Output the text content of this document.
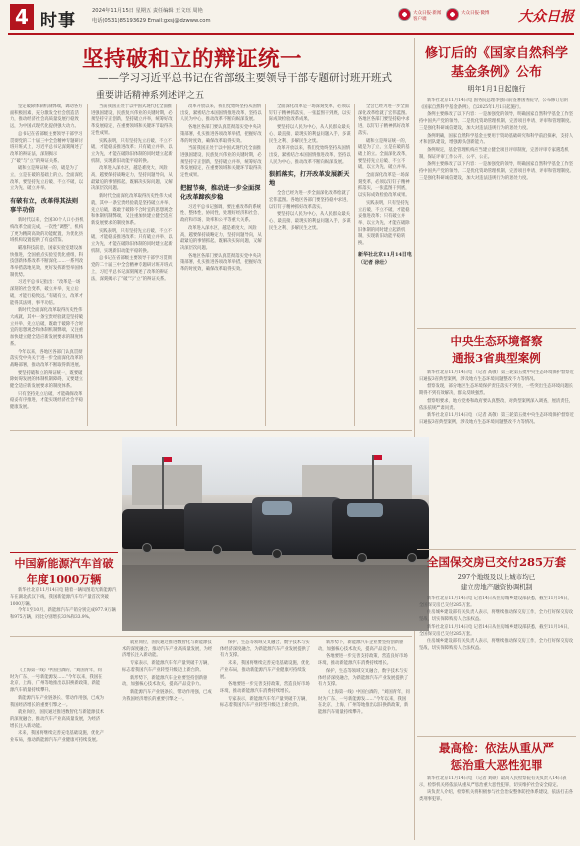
4 时事	2024年11月15日 星期五 责任编辑 王文珏 周艳
电话(0531)85193629 Email:gxsj@dzwww.com
大众日报·新闻客户端
大众日报·微博 大众日报
坚持破和立的辩证统一
——学习习近平总书记在省部级主要领导干部专题研讨班开班式
重要讲话精神系列述评之五

坚定破除体制机制弊端，调动各方面积极因素，充分激发全社会创造活力，推动经济社会高质量发展行稳致远，为中国式现代化提供强大动力。

总书记在省部级主要领导干部学习贯彻党的二十届三中全会精神专题研讨班开班式上，习近平总书记深刻阐述了改革的辩证法，深刻揭示了“破”与“立”的辩证关系。

破和立是辩证统一的，破是为了立，立是在破的基础上的立。全面深化改革，要坚持先立后破、不立不破，以立为先、破立并举。

有破有立，改革得其法则事半功倍

新时代以来，全国30个人口小县机构改革全面完成，一次性“调整”，机构了更为精简高效的功能配置，为优化县域机构设置提供了有益借鉴。

瞄准科技前沿，国家实验室建设加快推进，全国重点实验室优化重组，科技创新体系改革不断深化……一系列改革举措落地见效，更好发挥新型举国体制优势。

习近平总书记指出：“改革是一场深刻的社会变革，破立并举、先立后破，才能行稳致远。”有破有立，改革才能得其法则、事半功倍。

新时代全面深化改革取得历史性伟大成就，其中一条宝贵经验就是坚持破立并举、先立后破，既敢于破除不合时宜的思想观念和体制机制弊端，又注重加快建立健全适应新发展要求的制度体系。

今年以来，各地区各部门认真贯彻落实党中央关于进一步全面深化改革的战略部署，推动改革不断取得新进展。

要坚持破和立的辩证统一，既要破除妨碍发展的体制机制障碍，又要建立健全适应新发展要求的制度体系。

只有坚持先立后破，才能确保改革稳妥有序推进，才能实现经济社会平稳健康发展。

当前我国正处于以中国式现代化全面推进强国建设、民族复兴伟业的关键时期，必须坚持守正创新，坚持破立并举，统筹好改革发展稳定，在重要领域和关键环节取得决定性成果。

实践表明，只有坚持先立后破、不立不破，才能稳妥推进改革；只有破立并举、以立为先，才能在破除旧体制的同时建立起新机制，实现新旧动能平稳转换。

改革进入深水区，越是难度大、风险高，越要保持战略定力，坚持问题导向，从最紧迫的事情抓起，既解决实际问题，又解决深层次问题。

新时代全面深化改革取得历史性伟大成就，其中一条宝贵经验就是坚持破立并举、先立后破，既敢于破除不合时宜的思想观念和体制机制弊端，又注重加快建立健全适应新发展要求的制度体系。

实践表明，只有坚持先立后破、不立不破，才能稳妥推进改革；只有破立并举、以立为先，才能在破除旧体制的同时建立起新机制，实现新旧动能平稳转换。

总书记在省部级主要领导干部学习贯彻党的二十届三中全会精神专题研讨班开班式上，习近平总书记深刻阐述了改革的辩证法，深刻揭示了“破”与“立”的辩证关系。

改革开放以来，我们党始终坚持从国情出发，紧密结合本国国情推进改革，坚持以人民为中心，推动改革不断向纵深发展。

各地区各部门要认真贯彻落实党中央决策部署，扎实推进各项改革举措，把握好改革的时度效，确保改革取得实效。

当前我国正处于以中国式现代化全面推进强国建设、民族复兴伟业的关键时期，必须坚持守正创新，坚持破立并举，统筹好改革发展稳定，在重要领域和关键环节取得决定性成果。

把握节奏，推动进一步全面深化改革蹄疾步稳

习近平总书记强调，要注重改革的系统性、整体性、协同性，处理好经济和社会、政府和市场、效率和公平等重大关系。

改革进入深水区，越是难度大、风险高，越要保持战略定力，坚持问题导向，从最紧迫的事情抓起，既解决实际问题，又解决深层次问题。

各地区各部门要认真贯彻落实党中央决策部署，扎实推进各项改革举措，把握好改革的时度效，确保改革取得实效。

全面深化改革是一场深刻变革，必须以钉钉子精神抓落实，一张蓝图干到底，以实际成效检验改革成果。

要坚持以人民为中心，从人民群众最关心、最直接、最现实的利益问题入手，多谋民生之利、多解民生之忧。

改革开放以来，我们党始终坚持从国情出发，紧密结合本国国情推进改革，坚持以人民为中心，推动改革不断向纵深发展。

狠抓落实，打开改革发展新天地

全会已经为进一步全面深化改革绘就了宏伟蓝图。各地区各部门要坚持稳中求进，以钉钉子精神抓好改革落实。

要坚持以人民为中心，从人民群众最关心、最直接、最现实的利益问题入手，多谋民生之利、多解民生之忧。

全会已经为进一步全面深化改革绘就了宏伟蓝图。各地区各部门要坚持稳中求进，以钉钉子精神抓好改革落实。

破和立是辩证统一的，破是为了立，立是在破的基础上的立。全面深化改革，要坚持先立后破、不立不破，以立为先、破立并举。

全面深化改革是一场深刻变革，必须以钉钉子精神抓落实，一张蓝图干到底，以实际成效检验改革成果。

实践表明，只有坚持先立后破、不立不破，才能稳妥推进改革；只有破立并举、以立为先，才能在破除旧体制的同时建立起新机制，实现新旧动能平稳转换。

新华社北京11月14日电 （记者 徐壮）
中国新能源汽车首破年度1000万辆

新华社北京11月14日电 随着一辆岚图追光新能源汽车在湖北武汉下线，我国新能源汽车年产量首次突破1000万辆。

今年1至10月，新能源汽车产销分别完成977.9万辆和975万辆，同比分别增长33%和33.9%。

《上海第一线》中国白酒的，“刘国青年，同时为广东、一号新能源发……”今年以来，我国在北京、上海、广州等地推出以旧换新政策，新能源汽车销量持续攀升。

新能源汽车产业链条长、带动作用强，已成为我国经济增长的重要引擎之一。

就业岗位，国民通过推进数智化与新能源技术的深度融合，推动汽车产业高质量发展，为经济增长注入新动能。

未来，我国将继续完善充电基础设施，优化产业布局，推动新能源汽车产业健康可持续发展。

就业岗位，国民通过推进数智化与新能源技术的深度融合，推动汽车产业高质量发展，为经济增长注入新动能。

专家表示，新能源汽车年产量突破千万辆，标志着我国汽车产业转型升级迈上新台阶。

新形势下，新能源汽车企业要坚持创新驱动，加强核心技术攻关，提高产品竞争力。

新能源汽车产业链条长、带动作用强，已成为我国经济增长的重要引擎之一。

保护，生态等领域交叉融合，数字技术与实体经济深度融合，为新能源汽车产业发展提供了有力支撑。

未来，我国将继续完善充电基础设施，优化产业布局，推动新能源汽车产业健康可持续发展。

各地要进一步完善支持政策，营造良好市场环境，推动新能源汽车消费持续增长。

专家表示，新能源汽车年产量突破千万辆，标志着我国汽车产业转型升级迈上新台阶。

新形势下，新能源汽车企业要坚持创新驱动，加强核心技术攻关，提高产品竞争力。

各地要进一步完善支持政策，营造良好市场环境，推动新能源汽车消费持续增长。

保护，生态等领域交叉融合，数字技术与实体经济深度融合，为新能源汽车产业发展提供了有力支撑。

《上海第一线》中国白酒的，“刘国青年，同时为广东、一号新能源发……”今年以来，我国在北京、上海、广州等地推出以旧换新政策，新能源汽车销量持续攀升。

修订后的《国家自然科学
基金条例》公布
明年1月1日起施行

新华社北京11月14日电 国务院总理李强日前签署国务院令，公布修订后的《国家自然科学基金条例》，自2025年1月1日起施行。

条例主要修改了以下内容：一是加强党的领导，明确国家自然科学基金工作坚持中国共产党的领导。二是优化资助管理机制，完善项目申请、评审和管理制度。三是强化科研诚信建设，加大对违法违规行为的惩处力度。

条例明确，国家自然科学基金主要用于资助基础研究和科学前沿探索，支持人才和团队建设，增强源头创新能力。

条例规定，基金管理机构应当建立健全项目评审制度，完善评审专家遴选机制，保证评审工作公开、公平、公正。

条例主要修改了以下内容：一是加强党的领导，明确国家自然科学基金工作坚持中国共产党的领导。二是优化资助管理机制，完善项目申请、评审和管理制度。三是强化科研诚信建设，加大对违法违规行为的惩处力度。

中央生态环境督察
通报3省典型案例

新华社北京11月14日电 （记者 高敬）第三轮第五批中央生态环境保护督察近日通报3省典型案例，涉及地方生态环境问题整改不力等情况。

督察发现，部分地区生态环境保护责任落实不到位，一些突出生态环境问题长期得不到有效解决，群众反映强烈。

督察组要求，地方党委和政府要认真整改，对典型案例深入调查，厘清责任，依法依规严肃问责。

新华社北京11月14日电 （记者 高敬）第三轮第五批中央生态环境保护督察近日通报3省典型案例，涉及地方生态环境问题整改不力等情况。

全国保交房已交付285万套
297个地级及以上城市均已
建立房地产融资协调机制

新华社北京11月14日电 记者14日从住房城乡建设部获悉，截至11月14日，全国保交房已交付285万套。

住房城乡建设部有关负责人表示，将继续推动保交房工作，全力打好保交房攻坚战，切实保障购房人合法权益。

新华社北京11月14日电 记者14日从住房城乡建设部获悉，截至11月14日，全国保交房已交付285万套。

住房城乡建设部有关负责人表示，将继续推动保交房工作，全力打好保交房攻坚战，切实保障购房人合法权益。

最高检：依法从重从严
惩治重大恶性犯罪

新华社北京11月14日电 （记者 刘硕）最高人民检察院有关负责人14日表示，检察机关将依法从重从严惩治重大恶性犯罪，切实维护社会安全稳定。

该负责人介绍，检察机关将积极参与社会治安整体防控体系建设，依法打击各类刑事犯罪。
